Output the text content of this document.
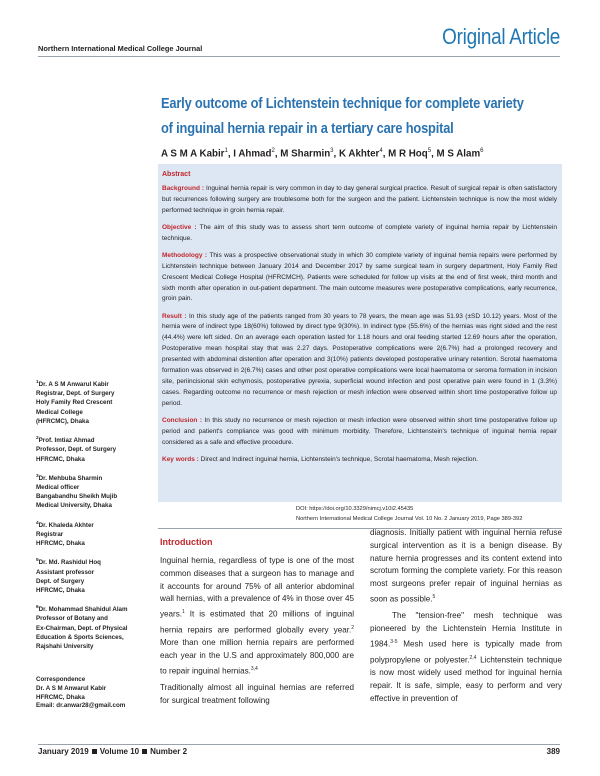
Northern International Medical College Journal	Original Article
Early outcome of Lichtenstein technique for complete variety
of inguinal hernia repair in a tertiary care hospital
A S M A Kabir$^1$, I Ahmad$^2$, M Sharmin$^3$, K Akhter$^4$, M R Hoq$^5$, M S Alam$^6$
Abstract

Background : Inguinal hernia repair is very common in day to day general surgical practice. Result of surgical repair is often satisfactory but recurrences following surgery are troublesome both for the surgeon and the patient. Lichtenstein technique is now the most widely performed technique in groin hernia repair.

Objective : The aim of this study was to assess short term outcome of complete variety of inguinal hernia repair by Lichtenstein technique.

Methodology : This was a prospective observational study in which 30 complete variety of inguinal hernia repairs were performed by Lichtenstein technique between January 2014 and December 2017 by same surgical team in surgery department, Holy Family Red Crescent Medical College Hospital (HFRCMCH). Patients were scheduled for follow up visits at the end of first week, third month and sixth month after operation in out-patient department. The main outcome measures were postoperative complications, early recurrence, groin pain.

Result : In this study age of the patients ranged from 30 years to 78 years, the mean age was 51.93 (±SD 10.12) years. Most of the hernia were of indirect type 18(60%) followed by direct type 9(30%). In indirect type (55.6%) of the hernias was right sided and the rest (44.4%) were left sided. On an average each operation lasted for 1.18 hours and oral feeding started 12.69 hours after the operation, Postoperative mean hospital stay that was 2.27 days. Postoperative complications were 2(6.7%) had a prolonged recovery and presented with abdominal distention after operation and 3(10%) patients developed postoperative urinary retention. Scrotal haematoma formation was observed in 2(6.7%) cases and other post operative complications were local haematoma or seroma formation in incision site, periincisional skin echymosis, postoperative pyrexia, superficial wound infection and post operative pain were found in 1 (3.3%) cases. Regarding outcome no recurrence or mesh rejection or mesh infection were observed within short time postoperative follow up period.

Conclusion : In this study no recurrence or mesh rejection or mesh infection were observed within short time postoperative follow up period and patient's compliance was good with minimum morbidity. Therefore, Lichtenstein's technique of inguinal hernia repair considered as a safe and effective procedure.

Key words : Direct and Indirect inguinal hernia, Lichtenstein's technique, Scrotal haematoma, Mesh rejection.

DOI: https://doi.org/10.3329/nimcj.v10i2.45435
Northern International Medical College Journal Vol. 10 No. 2 January 2019, Page 389-392
$^1$Dr. A S M Anwarul Kabir
Registrar, Dept. of Surgery
Holy Family Red Crescent
Medical College
(HFRCMC), Dhaka
$^2$Prof. Imtiaz Ahmad
Professor, Dept. of Surgery
HFRCMC, Dhaka
$^3$Dr. Mehbuba Sharmin
Medical officer
Bangabandhu Sheikh Mujib
Medical University, Dhaka
$^4$Dr. Khaleda Akhter
Registrar
HFRCMC, Dhaka
$^5$Dr. Md. Rashidul Hoq
Assistant professor
Dept. of Surgery
HFRCMC, Dhaka
$^6$Dr. Mohammad Shahidul Alam
Professor of Botany and
Ex-Chairman, Dept. of Physical
Education & Sports Sciences,
Rajshahi University
Correspondence
Dr. A S M Anwarul Kabir
HFRCMC, Dhaka
Email: dr.anwar28@gmail.com
Introduction

Inguinal hernia, regardless of type is one of the most common diseases that a surgeon has to manage and it accounts for around 75% of all anterior abdominal wall hernias, with a prevalence of 4% in those over 45 years.$^1$ It is estimated that 20 millions of inguinal hernia repairs are performed globally every year.$^2$ More than one million hernia repairs are performed each year in the U.S and approximately 800,000 are to repair inguinal hernias.$^{3,4}$

Traditionally almost all inguinal hernias are referred for surgical treatment following

diagnosis. Initially patient with inguinal hernia refuse surgical intervention as it is a benign disease. By nature hernia progresses and its content extend into scrotum forming the complete variety. For this reason most surgeons prefer repair of inguinal hernias as soon as possible.$^5$

The "tension-free" mesh technique was pioneered by the Lichtenstein Hernia Institute in 1984.$^{3-5}$ Mesh used here is typically made from polypropylene or polyester.$^{2,4}$ Lichtenstein technique is now most widely used method for inguinal hernia repair. It is safe, simple, easy to perform and very effective in prevention of

January 2019 Volume 10 Number 2	389
